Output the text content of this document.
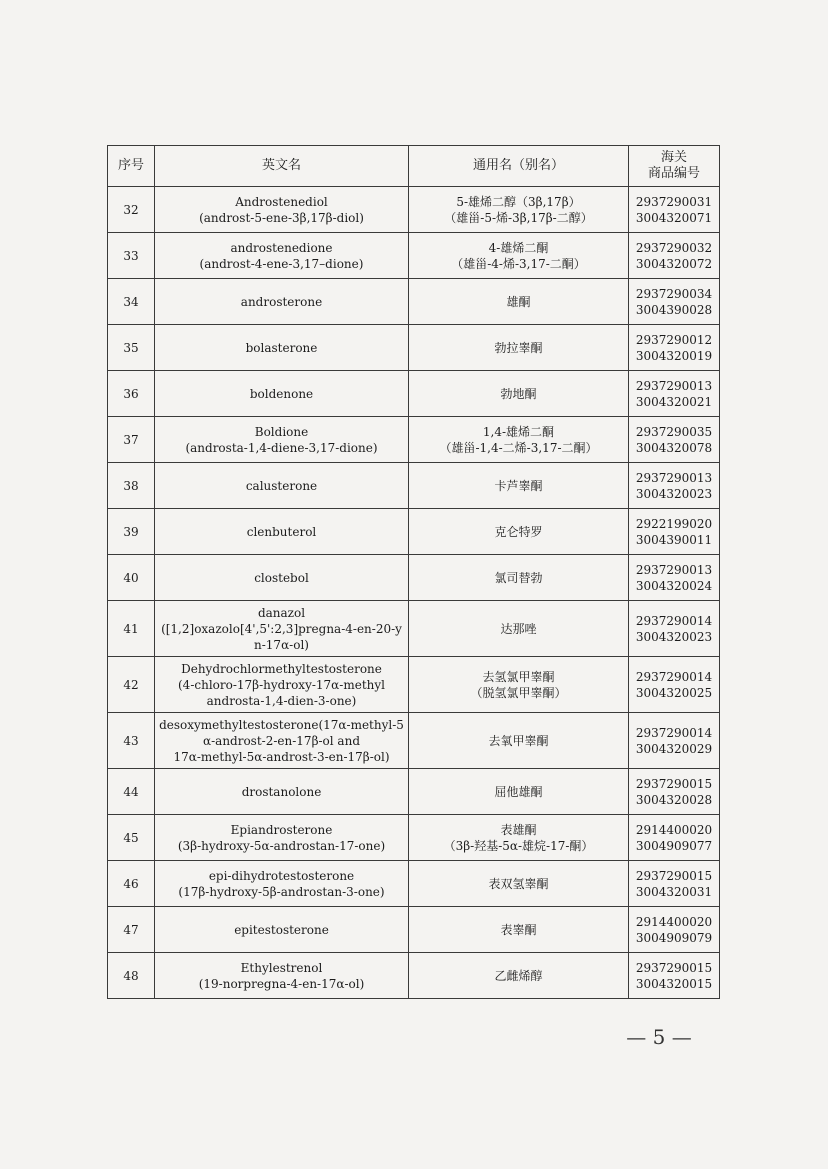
序号	英文名	通用名（别名）	海关
商品编号

32	Androstenediol
(androst-5-ene-3β,17β-diol)	5-雄烯二醇（3β,17β）
（雄甾-5-烯-3β,17β-二醇）	2937290031
3004320071

33	androstenedione
(androst-4-ene-3,17–dione)	4-雄烯二酮
（雄甾-4-烯-3,17-二酮）	2937290032
3004320072

34	androsterone	雄酮	2937290034
3004390028

35	bolasterone	勃拉睾酮	2937290012
3004320019

36	boldenone	勃地酮	2937290013
3004320021

37	Boldione
(androsta-1,4-diene-3,17-dione)	1,4-雄烯二酮
（雄甾-1,4-二烯-3,17-二酮）	2937290035
3004320078

38	calusterone	卡芦睾酮	2937290013
3004320023

39	clenbuterol	克仑特罗	2922199020
3004390011

40	clostebol	氯司替勃	2937290013
3004320024

41	danazol
([1,2]oxazolo[4',5':2,3]pregna-4-en-20-y
n-17α-ol)	达那唑	2937290014
3004320023

42	Dehydrochlormethyltestosterone
(4-chloro-17β-hydroxy-17α-methyl
androsta-1,4-dien-3-one)	去氢氯甲睾酮
（脱氢氯甲睾酮）	2937290014
3004320025

43	desoxymethyltestosterone(17α-methyl-5
α-androst-2-en-17β-ol and
17α-methyl-5α-androst-3-en-17β-ol)	去氧甲睾酮	2937290014
3004320029

44	drostanolone	屈他雄酮	2937290015
3004320028

45	Epiandrosterone
(3β-hydroxy-5α-androstan-17-one)	表雄酮
（3β-羟基-5α-雄烷-17-酮）	2914400020
3004909077

46	epi-dihydrotestosterone
(17β-hydroxy-5β-androstan-3-one)	表双氢睾酮	2937290015
3004320031

47	epitestosterone	表睾酮	2914400020
3004909079

48	Ethylestrenol
(19-norpregna-4-en-17α-ol)	乙雌烯醇	2937290015
3004320015
— 5 —
